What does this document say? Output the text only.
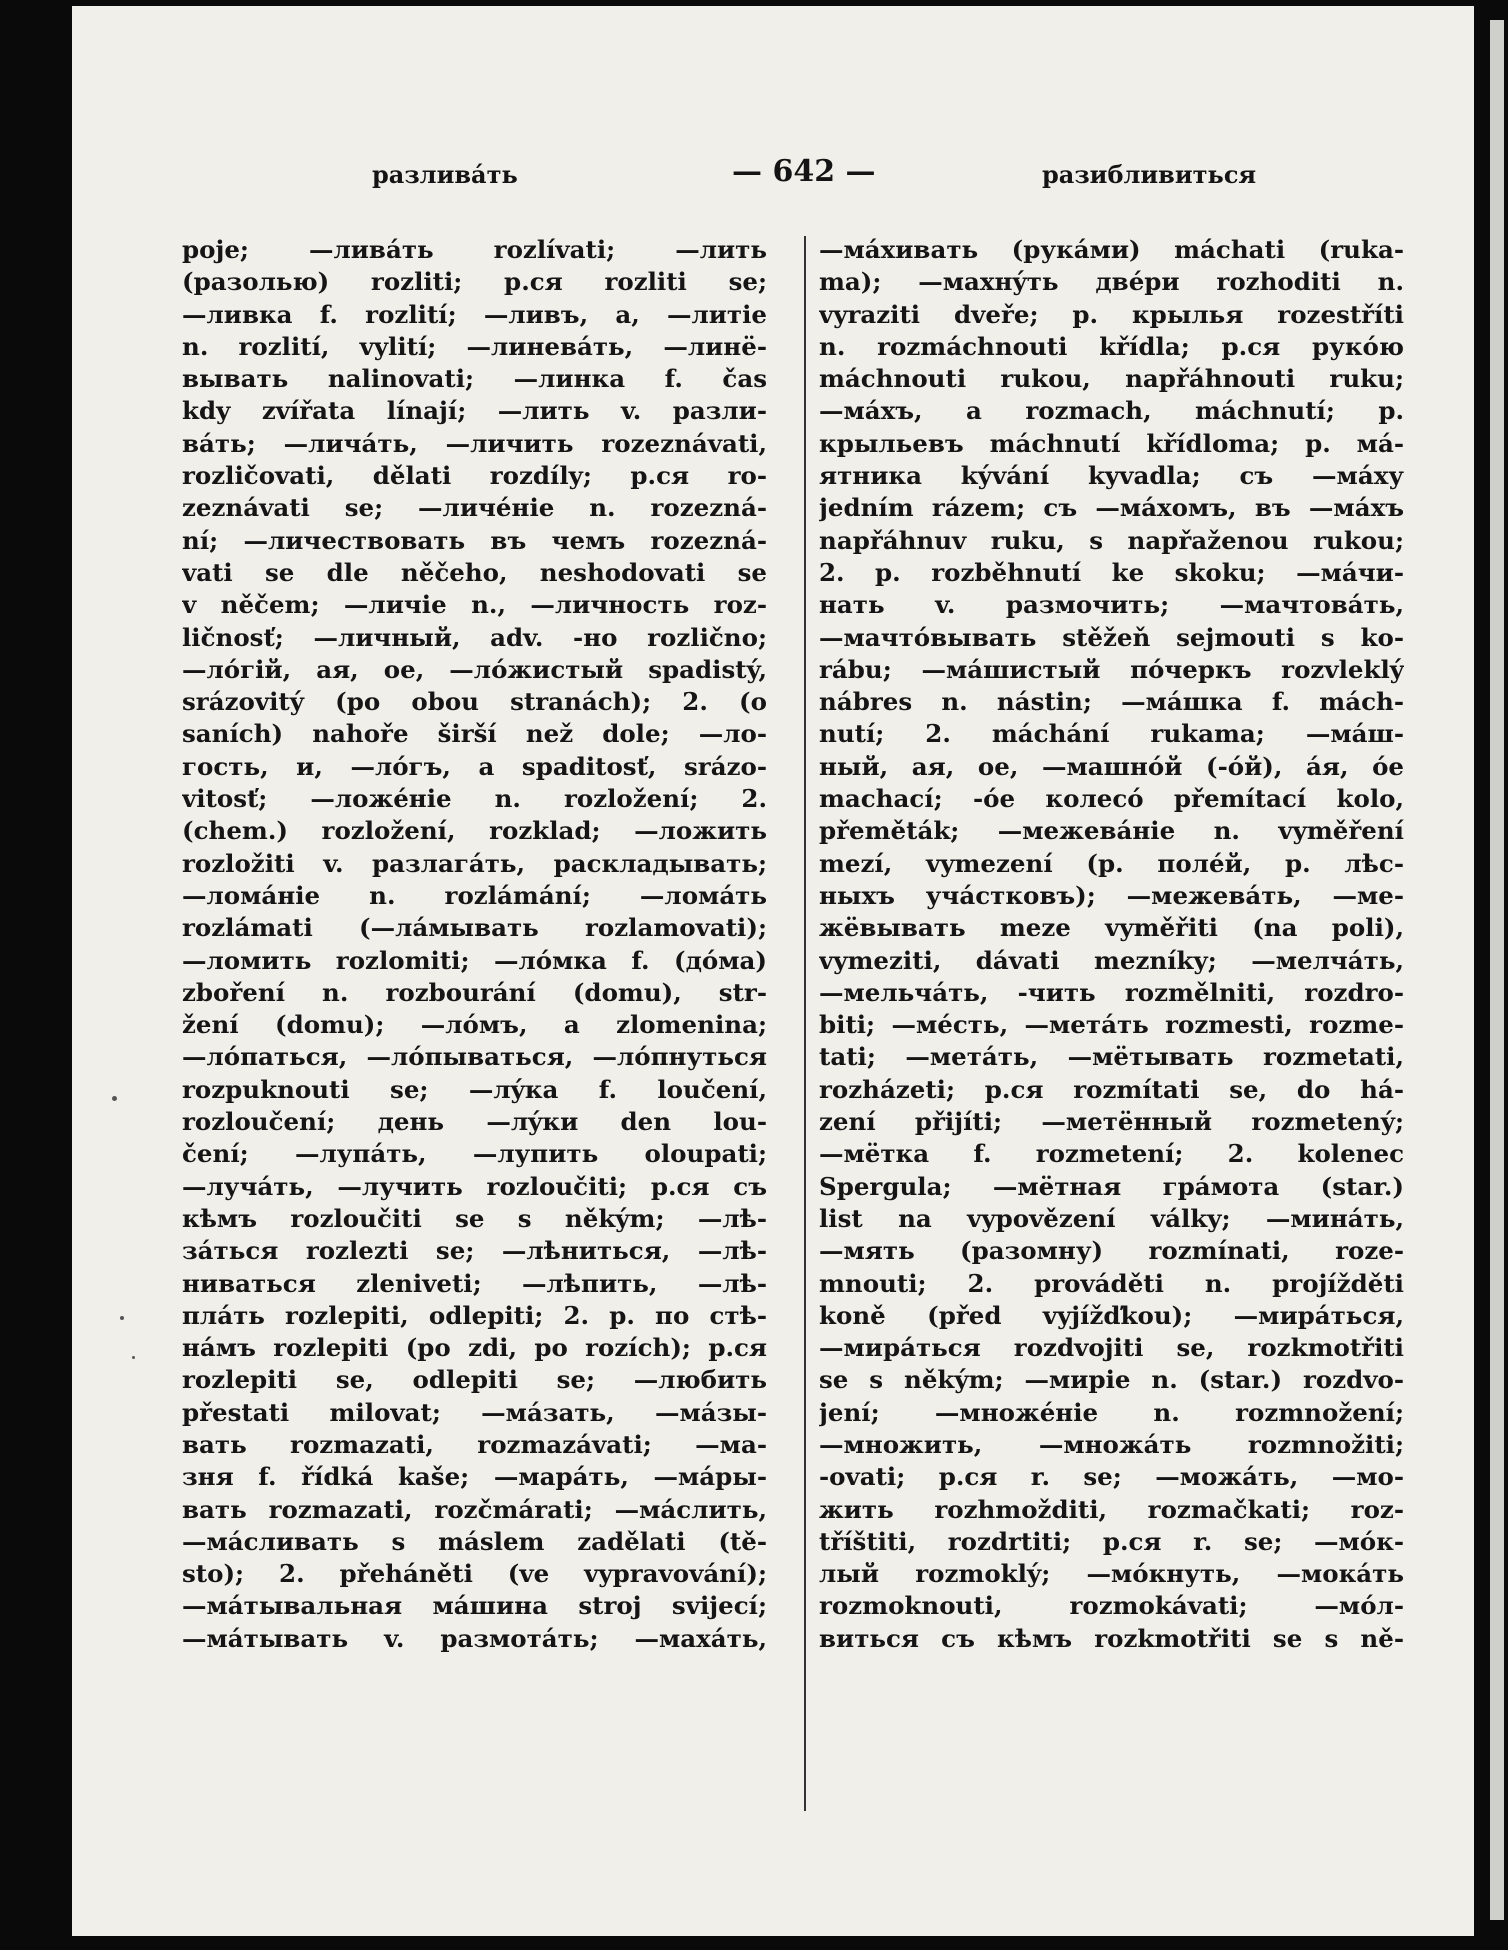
разливáть	— 642 —	разибливиться
poje; —ливáть rozlívati; —лить
(разолью) rozliti; р.ся rozliti se;
—ливка f. rozlití; —ливъ, а, —литіе
n. rozlití, vylití; —линевáть, —линё-
вывать nalinovati; —линка f. čas
kdy zvířata línají; —лить v. разли-
вáть; —личáть, —личить rozeznávati,
rozličovati, dělati rozdíly; р.ся ro-
zeznávati se; —личéніе n. rozezná-
ní; —личествовать въ чемъ rozezná-
vati se dle něčeho, neshodovati se
v něčem; —личіе n., —личность roz-
ličnosť; —личный, adv. -но rozlično;
—лóгій, ая, ое, —лóжистый spadistý,
srázovitý (po obou stranách); 2. (o
saních) nahoře širší než dole; —ло-
гость, и, —лóгъ, а spaditosť, srázo-
vitosť; —ложéніе n. rozložení; 2.
(chem.) rozložení, rozklad; —ложить
rozložiti v. разлагáть, раскладывать;
—ломáніе n. rozlámání; —ломáть
rozlámati (—лáмывать rozlamovati);
—ломить rozlomiti; —лóмка f. (дóма)
zboření n. rozbourání (domu), str-
žení (domu); —лóмъ, а zlomenina;
—лóпаться, —лóпываться, —лóпнуться
rozpuknouti se; —лýка f. loučení,
rozloučení; день —лýки den lou-
čení; —лупáть, —лупить oloupati;
—лучáть, —лучить rozloučiti; р.ся съ
кѣмъ rozloučiti se s někým; —лѣ-
зáться rozlezti se; —лѣниться, —лѣ-
ниваться zleniveti; —лѣпить, —лѣ-
плáть rozlepiti, odlepiti; 2. p. по стѣ-
нáмъ rozlepiti (po zdi, po rozích); р.ся
rozlepiti se, odlepiti se; —любить
přestati milovat; —мáзать, —мáзы-
вать rozmazati, rozmazávati; —ма-
зня f. řídká kaše; —марáть, —мáры-
вать rozmazati, rozčmárati; —мáслить,
—мáсливать s máslem zadělati (tě-
sto); 2. přeháněti (ve vypravování);
—мáтывальная мáшина stroj svijecí;
—мáтывать v. размотáть; —махáть,
—мáхивать (рукáми) máchati (ruka-
ma); —махнýть двéри rozhoditi n.
vyraziti dveře; p. крылья rozestříti
n. rozmáchnouti křídla; р.ся рукóю
máchnouti rukou, napřáhnouti ruku;
—мáхъ, а rozmach, máchnutí; p.
крыльевъ máchnutí křídloma; p. мá-
ятника kývání kyvadla; съ —мáху
jedním rázem; съ —мáхомъ, въ —мáхъ
napřáhnuv ruku, s napřaženou rukou;
2. p. rozběhnutí ke skoku; —мáчи-
нать v. размочить; —мачтовáть,
—мачтóвывать stěžeň sejmouti s ko-
rábu; —мáшистый пóчеркъ rozvleklý
nábres n. nástin; —мáшка f. mách-
nutí; 2. máchání rukama; —мáш-
ный, ая, ое, —машнóй (-óй), áя, óе
machací; -óе колесó přemítací kolo,
přeměták; —межевáніе n. vyměření
mezí, vymezení (p. полéй, p. лѣс-
ныхъ учáстковъ); —межевáть, —ме-
жёвывать meze vyměřiti (na poli),
vymeziti, dávati mezníky; —мелчáть,
—мельчáть, -чить rozmělniti, rozdro-
biti; —мéсть, —метáть rozmesti, rozme-
tati; —метáть, —мётывать rozmetati,
rozházeti; р.ся rozmítati se, do há-
zení přijíti; —метённый rozmetený;
—мётка f. rozmetení; 2. kolenec
Spergula; —мётная грáмота (star.)
list na vypovězení války; —минáть,
—мять (разомну) rozmínati, roze-
mnouti; 2. prováděti n. projížděti
koně (před vyjížďkou); —мирáться,
—мирáться rozdvojiti se, rozkmotřiti
se s někým; —мирie n. (star.) rozdvo-
jení; —множéніе n. rozmnožení;
—множить, —множáть rozmnožiti;
-ovati; р.ся r. se; —можáть, —мо-
жить rozhmožditi, rozmačkati; roz-
tříštiti, rozdrtiti; р.ся r. se; —мóк-
лый rozmoklý; —мóкнуть, —мокáть
rozmoknouti, rozmokávati; —мóл-
виться съ кѣмъ rozkmotřiti se s ně-
